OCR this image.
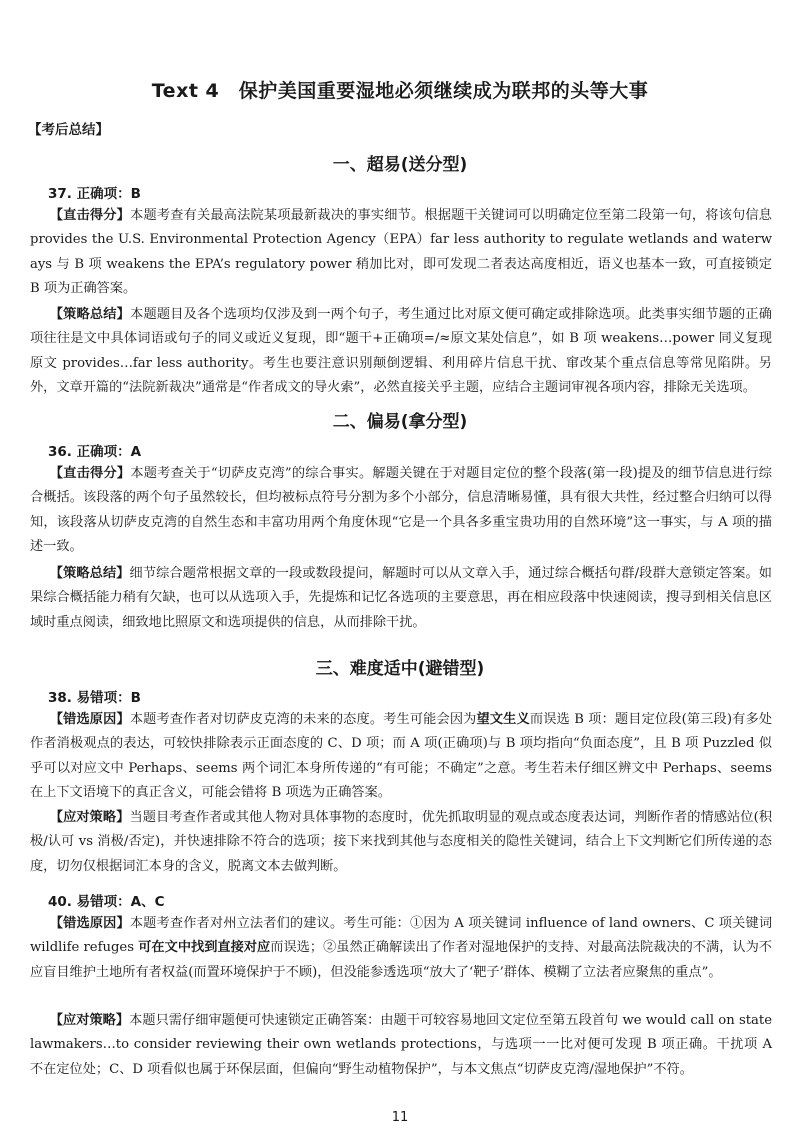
Text 4　保护美国重要湿地必须继续成为联邦的头等大事
【考后总结】
一、超易(送分型)
37. 正确项：B
【直击得分】本题考查有关最高法院某项最新裁决的事实细节。根据题干关键词可以明确定位至第二段第一句，将该句信息 provides the U.S. Environmental Protection Agency（EPA）far less authority to regulate wetlands and waterways 与 B 项 weakens the EPA’s regulatory power 稍加比对，即可发现二者表达高度相近，语义也基本一致，可直接锁定 B 项为正确答案。
【策略总结】本题题目及各个选项均仅涉及到一两个句子，考生通过比对原文便可确定或排除选项。此类事实细节题的正确项往往是文中具体词语或句子的同义或近义复现，即“题干+正确项=/≈原文某处信息”，如 B 项 weakens…power 同义复现原文 provides…far less authority。考生也要注意识别颠倒逻辑、利用碎片信息干扰、窜改某个重点信息等常见陷阱。另外，文章开篇的“法院新裁决”通常是“作者成文的导火索”，必然直接关乎主题，应结合主题词审视各项内容，排除无关选项。
二、偏易(拿分型)
36. 正确项：A
【直击得分】本题考查关于“切萨皮克湾”的综合事实。解题关键在于对题目定位的整个段落(第一段)提及的细节信息进行综合概括。该段落的两个句子虽然较长，但均被标点符号分割为多个小部分，信息清晰易懂，具有很大共性，经过整合归纳可以得知，该段落从切萨皮克湾的自然生态和丰富功用两个角度休现“它是一个具各多重宝贵功用的自然环境”这一事实，与 A 项的描述一致。
【策略总结】细节综合题常根据文章的一段或数段提问，解题时可以从文章入手，通过综合概括句群/段群大意锁定答案。如果综合概括能力稍有欠缺，也可以从选项入手，先提炼和记忆各选项的主要意思，再在相应段落中快速阅读，搜寻到相关信息区域时重点阅读，细致地比照原文和选项提供的信息，从而排除干扰。
三、难度适中(避错型)
38. 易错项：B
【错选原因】本题考查作者对切萨皮克湾的未来的态度。考生可能会因为望文生义而误选 B 项：题目定位段(第三段)有多处作者消极观点的表达，可较快排除表示正面态度的 C、D 项；而 A 项(正确项)与 B 项均指向“负面态度”，且 B 项 Puzzled 似乎可以对应文中 Perhaps、seems 两个词汇本身所传递的“有可能；不确定”之意。考生若未仔细区辨文中 Perhaps、seems 在上下文语境下的真正含义，可能会错将 B 项选为正确答案。
【应对策略】当题目考查作者或其他人物对具体事物的态度时，优先抓取明显的观点或态度表达词，判断作者的情感站位(积极/认可 vs 消极/否定)，并快速排除不符合的选项；接下来找到其他与态度相关的隐性关键词，结合上下文判断它们所传递的态度，切勿仅根据词汇本身的含义，脱离文本去做判断。
40. 易错项：A、C
【错选原因】本题考查作者对州立法者们的建议。考生可能：①因为 A 项关键词 influence of land owners、C 项关键词 wildlife refuges 可在文中找到直接对应而误选；②虽然正确解读出了作者对湿地保护的支持、对最高法院裁决的不满，认为不应盲目维护土地所有者权益(而置环境保护于不顾)，但没能参透选项“放大了‘靶子’群体、模糊了立法者应聚焦的重点”。
【应对策略】本题只需仔细审题便可快速锁定正确答案：由题干可较容易地回文定位至第五段首句 we would call on state lawmakers…to consider reviewing their own wetlands protections，与选项一一比对便可发现 B 项正确。干扰项 A 不在定位处；C、D 项看似也属于环保层面，但偏向“野生动植物保护”，与本文焦点“切萨皮克湾/湿地保护”不符。
11
